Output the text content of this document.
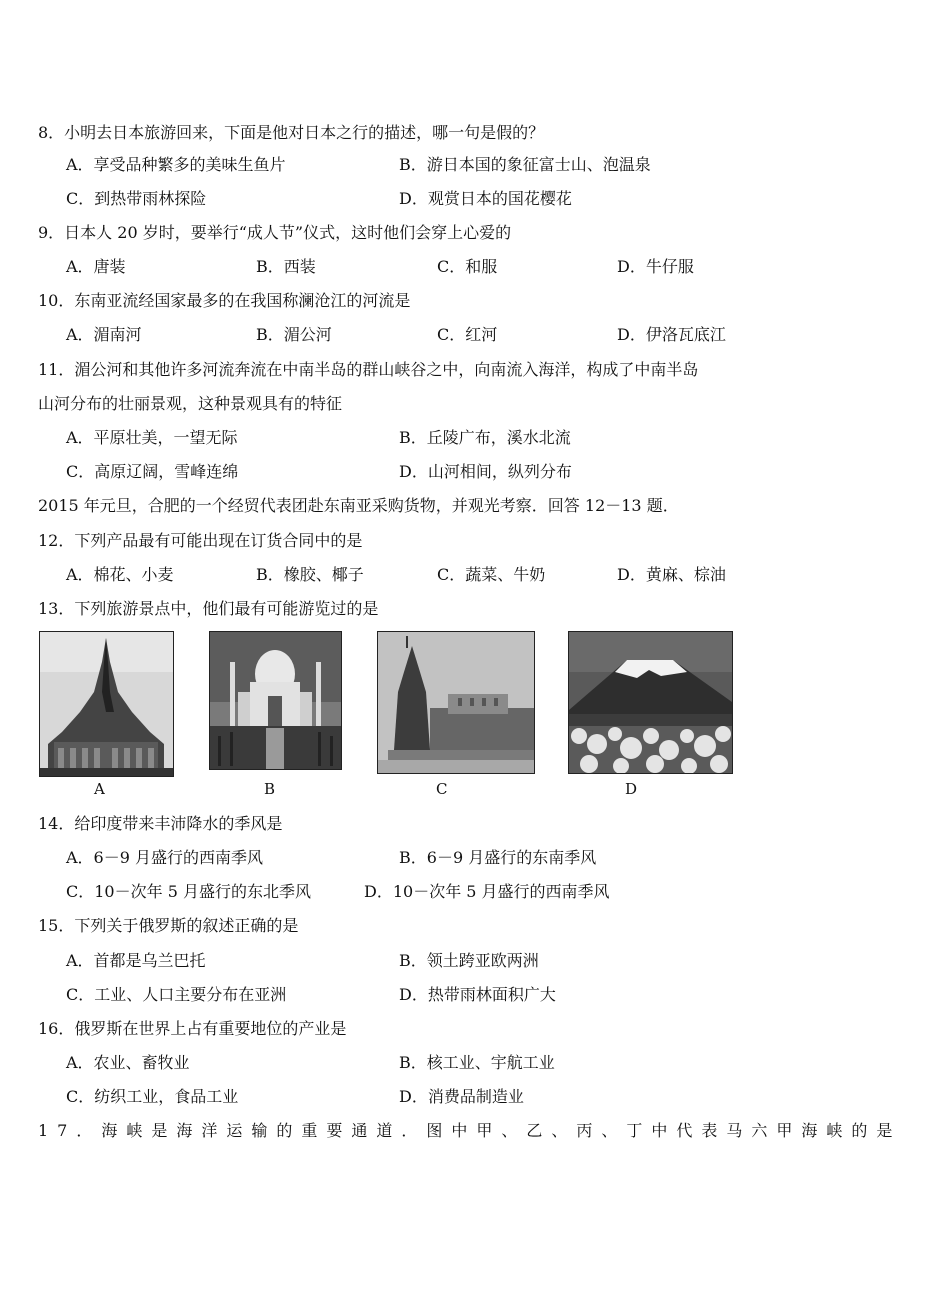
8．小明去日本旅游回来，下面是他对日本之行的描述，哪一句是假的？
A．享受品种繁多的美味生鱼片	B．游日本国的象征富士山、泡温泉
C．到热带雨林探险	D．观赏日本的国花樱花
9．日本人 20 岁时，要举行“成人节”仪式，这时他们会穿上心爱的
A．唐装	B．西装	C．和服	D．牛仔服
10．东南亚流经国家最多的在我国称澜沧江的河流是
A．湄南河	B．湄公河	C．红河	D．伊洛瓦底江
11．湄公河和其他许多河流奔流在中南半岛的群山峡谷之中，向南流入海洋，构成了中南半岛
山河分布的壮丽景观，这种景观具有的特征
A．平原壮美，一望无际	B．丘陵广布，溪水北流
C．高原辽阔，雪峰连绵	D．山河相间，纵列分布
2015 年元旦，合肥的一个经贸代表团赴东南亚采购货物，并观光考察．回答 12－13 题．
12．下列产品最有可能出现在订货合同中的是
A．棉花、小麦	B．橡胶、椰子	C．蔬菜、牛奶	D．黄麻、棕油
13．下列旅游景点中，他们最有可能游览过的是
A	B	C	D
14．给印度带来丰沛降水的季风是
A．6－9 月盛行的西南季风	B．6－9 月盛行的东南季风
C．10－次年 5 月盛行的东北季风	D．10－次年 5 月盛行的西南季风
15．下列关于俄罗斯的叙述正确的是
A．首都是乌兰巴托	B．领土跨亚欧两洲
C．工业、人口主要分布在亚洲	D．热带雨林面积广大
16．俄罗斯在世界上占有重要地位的产业是
A．农业、畜牧业	B．核工业、宇航工业
C．纺织工业，食品工业	D．消费品制造业
17．海峡是海洋运输的重要通道．图中甲、乙、丙、丁中代表马六甲海峡的是
